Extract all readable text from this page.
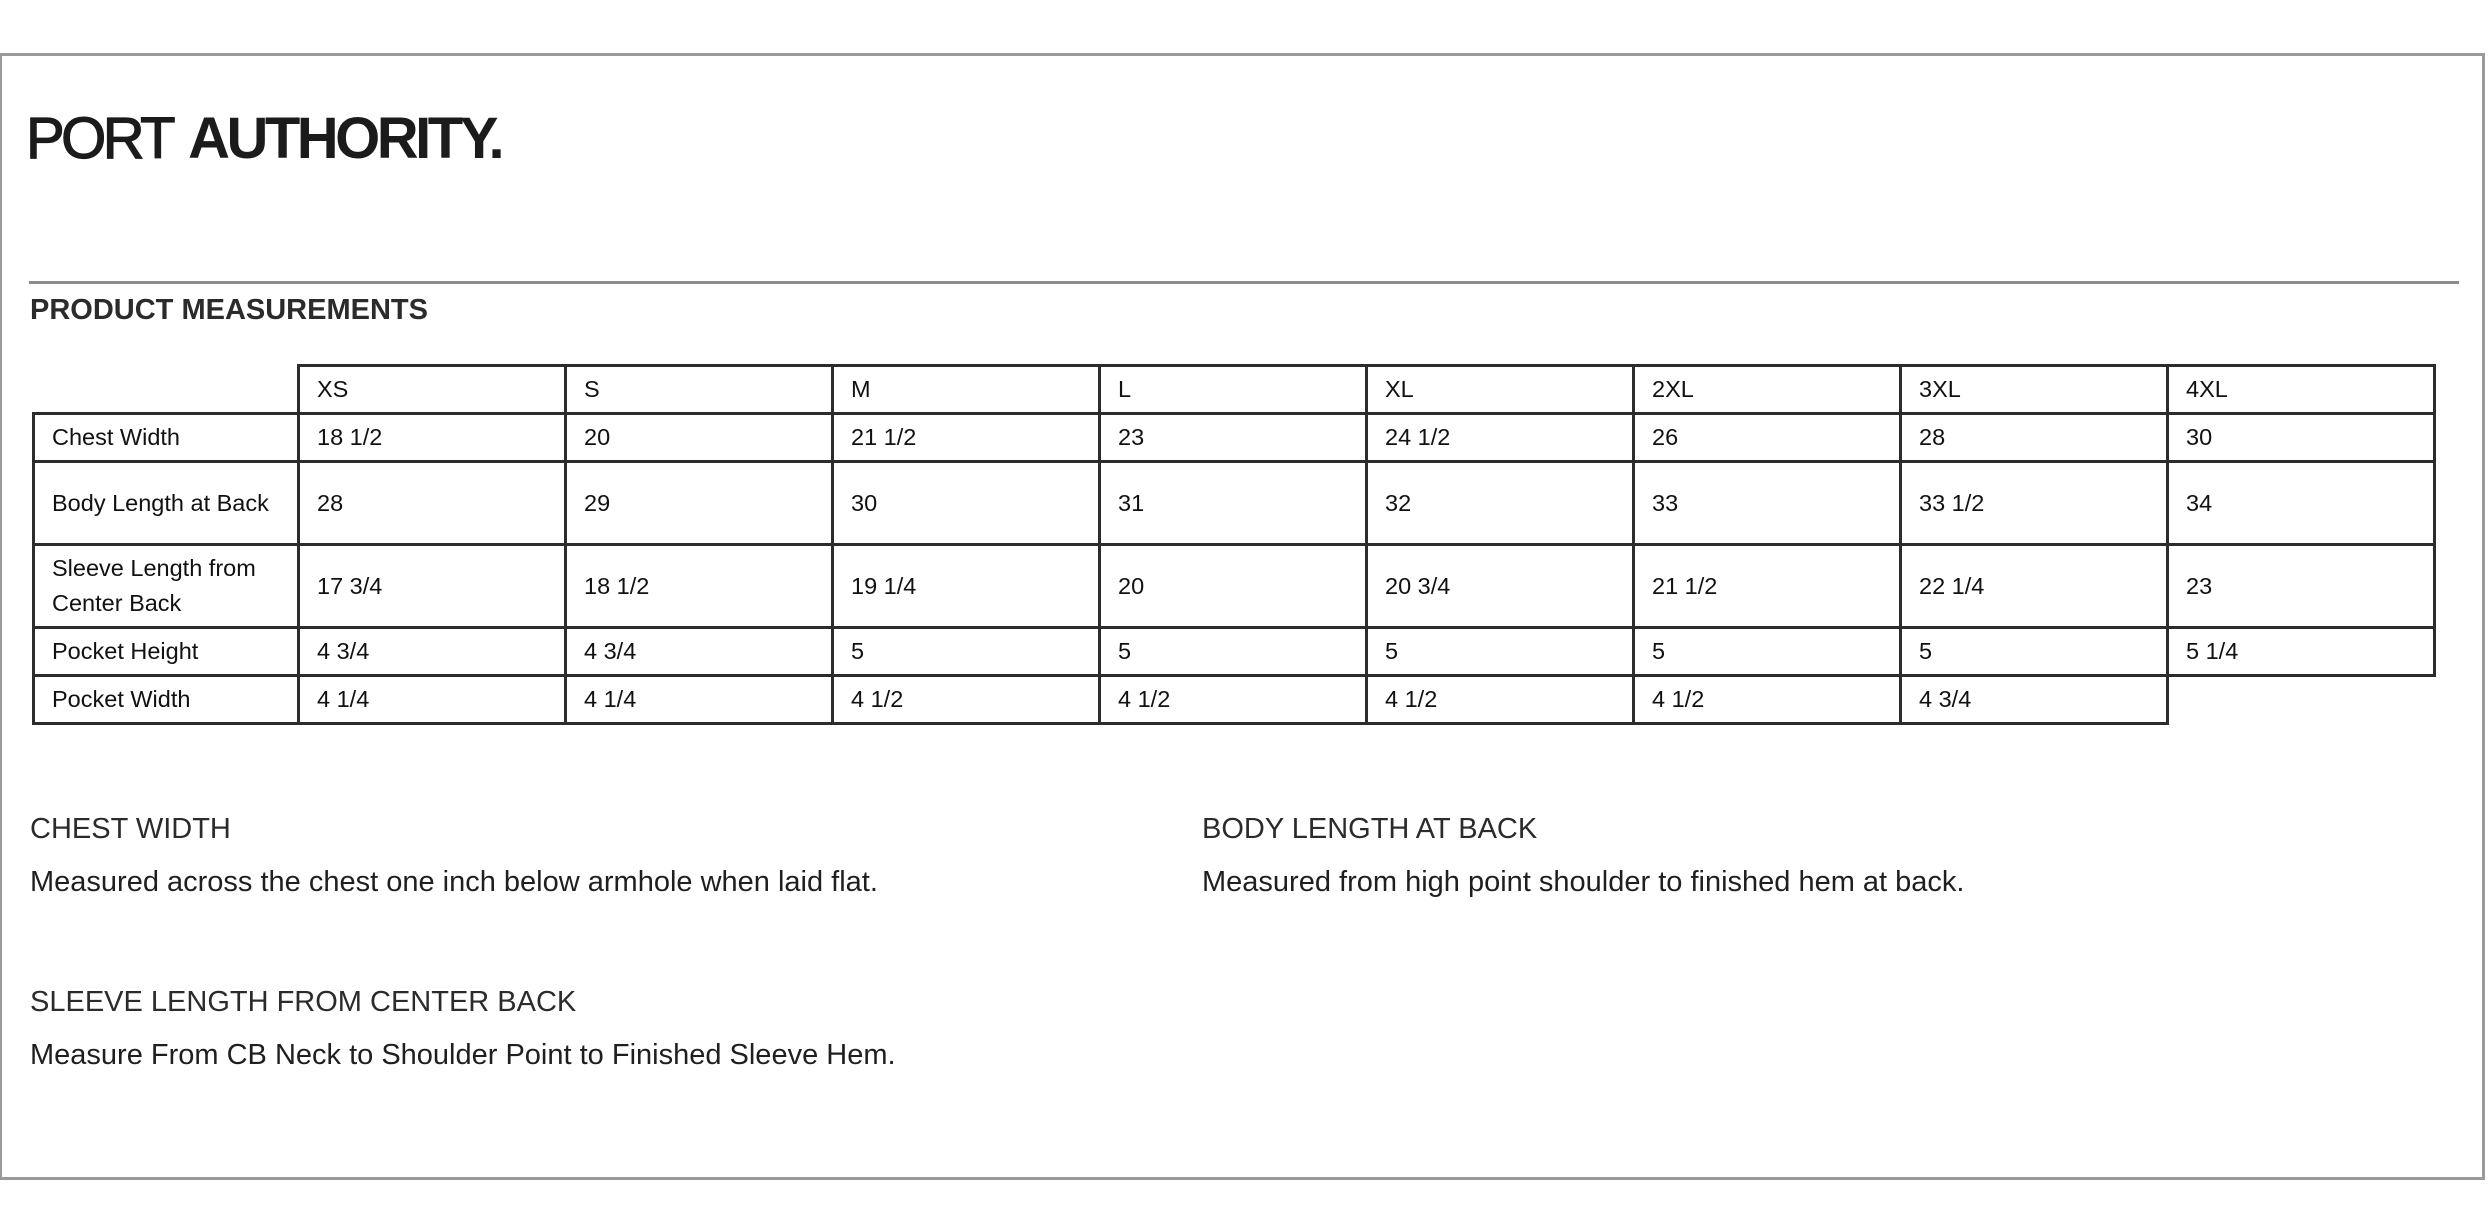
PORT AUTHORITY.
PRODUCT MEASUREMENTS
	XS	S	M	L	XL	2XL	3XL	4XL
Chest Width	18 1/2	20	21 1/2	23	24 1/2	26	28	30
Body Length at Back	28	29	30	31	32	33	33 1/2	34
Sleeve Length from Center Back	17 3/4	18 1/2	19 1/4	20	20 3/4	21 1/2	22 1/4	23
Pocket Height	4 3/4	4 3/4	5	5	5	5	5	5 1/4
Pocket Width	4 1/4	4 1/4	4 1/2	4 1/2	4 1/2	4 1/2	4 3/4	
CHEST WIDTH
Measured across the chest one inch below armhole when laid flat.
BODY LENGTH AT BACK
Measured from high point shoulder to finished hem at back.
SLEEVE LENGTH FROM CENTER BACK
Measure From CB Neck to Shoulder Point to Finished Sleeve Hem.
